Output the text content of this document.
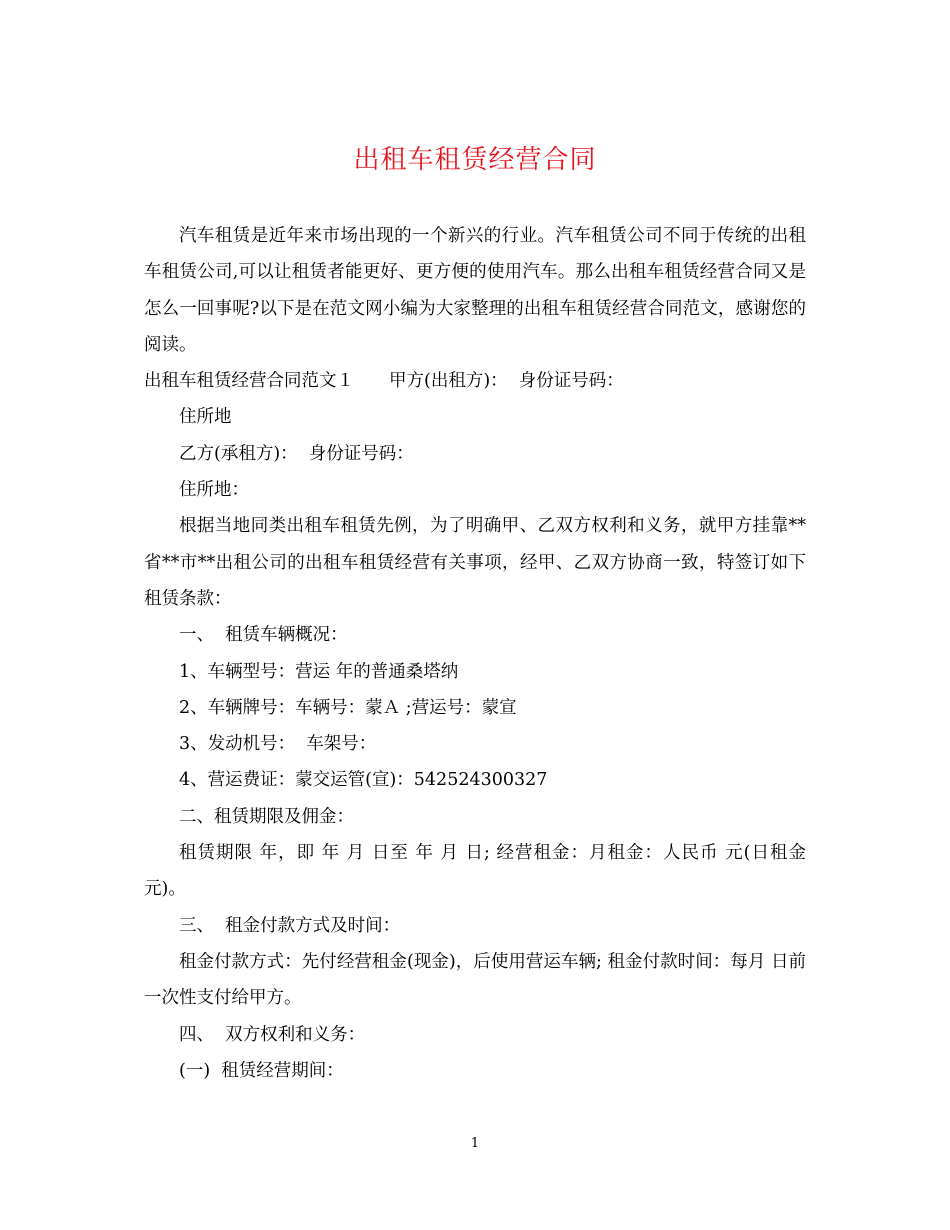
出租车租赁经营合同

汽车租赁是近年来市场出现的一个新兴的行业。汽车租赁公司不同于传统的出租车租赁公司,可以让租赁者能更好、更方便的使用汽车。那么出租车租赁经营合同又是怎么一回事呢?以下是在范文网小编为大家整理的出租车租赁经营合同范文，感谢您的阅读。

出租车租赁经营合同范文１　　甲方(出租方)：  身份证号码：

住所地

乙方(承租方)：  身份证号码：

住所地：

根据当地同类出租车租赁先例，为了明确甲、乙双方权利和义务，就甲方挂靠**省**市**出租公司的出租车租赁经营有关事项，经甲、乙双方协商一致，特签订如下租赁条款：

一、  租赁车辆概况：

1、车辆型号：营运 年的普通桑塔纳

2、车辆牌号：车辆号：蒙Ａ ;营运号：蒙宣

3、发动机号：  车架号：

4、营运费证：蒙交运管(宣)：542524300327

二、租赁期限及佣金：

租赁期限 年，即 年 月 日至 年 月 日; 经营租金：月租金：人民币 元(日租金元)。

三、  租金付款方式及时间：

租金付款方式：先付经营租金(现金)，后使用营运车辆; 租金付款时间：每月 日前一次性支付给甲方。

四、  双方权利和义务：

(一)  租赁经营期间：

1
